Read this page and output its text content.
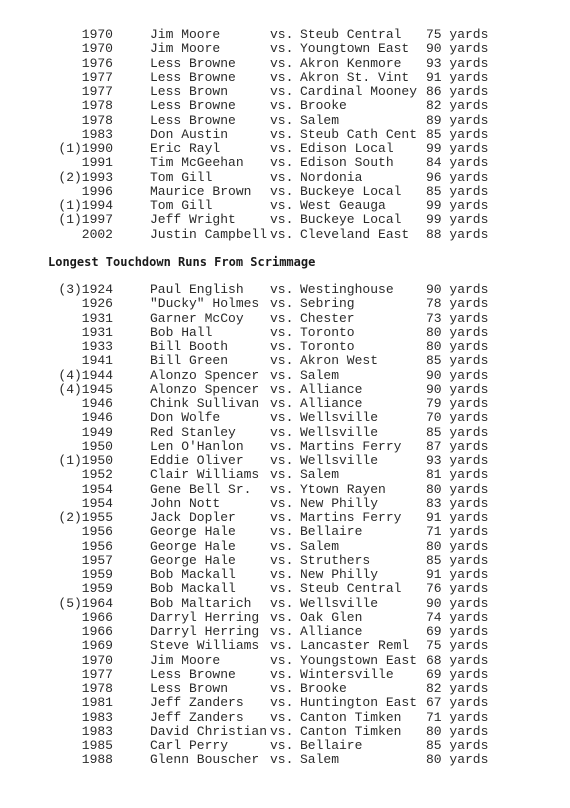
1970	Jim Moore	vs. Steub Central 75 yards
1970	Jim Moore	vs. Youngtown East 90 yards
1976	Less Browne	vs. Akron Kenmore 93 yards
1977	Less Browne	vs. Akron St. Vint 91 yards
1977	Less Brown	vs. Cardinal Mooney 86 yards
1978	Less Browne	vs. Brooke	82 yards
1978	Less Browne	vs. Salem	89 yards
1983	Don Austin	vs. Steub Cath Cent 85 yards
(1)1990	Eric Rayl	vs. Edison Local 99 yards
1991	Tim McGeehan vs. Edison South 84 yards
(2)1993	Tom Gill	vs. Nordonia	96 yards
1996	Maurice Brown vs. Buckeye Local 85 yards
(1)1994	Tom Gill	vs. West Geauga	99 yards
(1)1997	Jeff Wright	vs. Buckeye Local 99 yards
2002	Justin Campbell vs. Cleveland East 88 yards
Longest Touchdown Runs From Scrimmage
(3)1924	Paul English vs. Westinghouse 90 yards
1926	"Ducky" Holmes vs. Sebring	78 yards
1931	Garner McCoy vs. Chester	73 yards
1931	Bob Hall	vs. Toronto	80 yards
1933	Bill Booth	vs. Toronto	80 yards
1941	Bill Green	vs. Akron West	85 yards
(4)1944	Alonzo Spencer vs. Salem	90 yards
(4)1945	Alonzo Spencer vs. Alliance	90 yards
1946	Chink Sullivan vs. Alliance	79 yards
1946	Don Wolfe	vs. Wellsville	70 yards
1949	Red Stanley	vs. Wellsville	85 yards
1950	Len O'Hanlon vs. Martins Ferry 87 yards
(1)1950	Eddie Oliver vs. Wellsville	93 yards
1952	Clair Williams vs. Salem	81 yards
1954	Gene Bell Sr. vs. Ytown Rayen	80 yards
1954	John Nott	vs. New Philly	83 yards
(2)1955	Jack Dopler	vs. Martins Ferry 91 yards
1956	George Hale	vs. Bellaire	71 yards
1956	George Hale	vs. Salem	80 yards
1957	George Hale	vs. Struthers	85 yards
1959	Bob Mackall	vs. New Philly	91 yards
1959	Bob Mackall	vs. Steub Central 76 yards
(5)1964	Bob Maltarich vs. Wellsville	90 yards
1966	Darryl Herring vs. Oak Glen	74 yards
1966	Darryl Herring vs. Alliance	69 yards
1969	Steve Williams vs. Lancaster Reml 75 yards
1970	Jim Moore	vs. Youngstown East 68 yards
1977	Less Browne	vs. Wintersville 69 yards
1978	Less Brown	vs. Brooke	82 yards
1981	Jeff Zanders vs. Huntington East 67 yards
1983	Jeff Zanders vs. Canton Timken 71 yards
1983	David Christian vs. Canton Timken 80 yards
1985	Carl Perry	vs. Bellaire	85 yards
1988	Glenn Bouscher vs. Salem	80 yards
